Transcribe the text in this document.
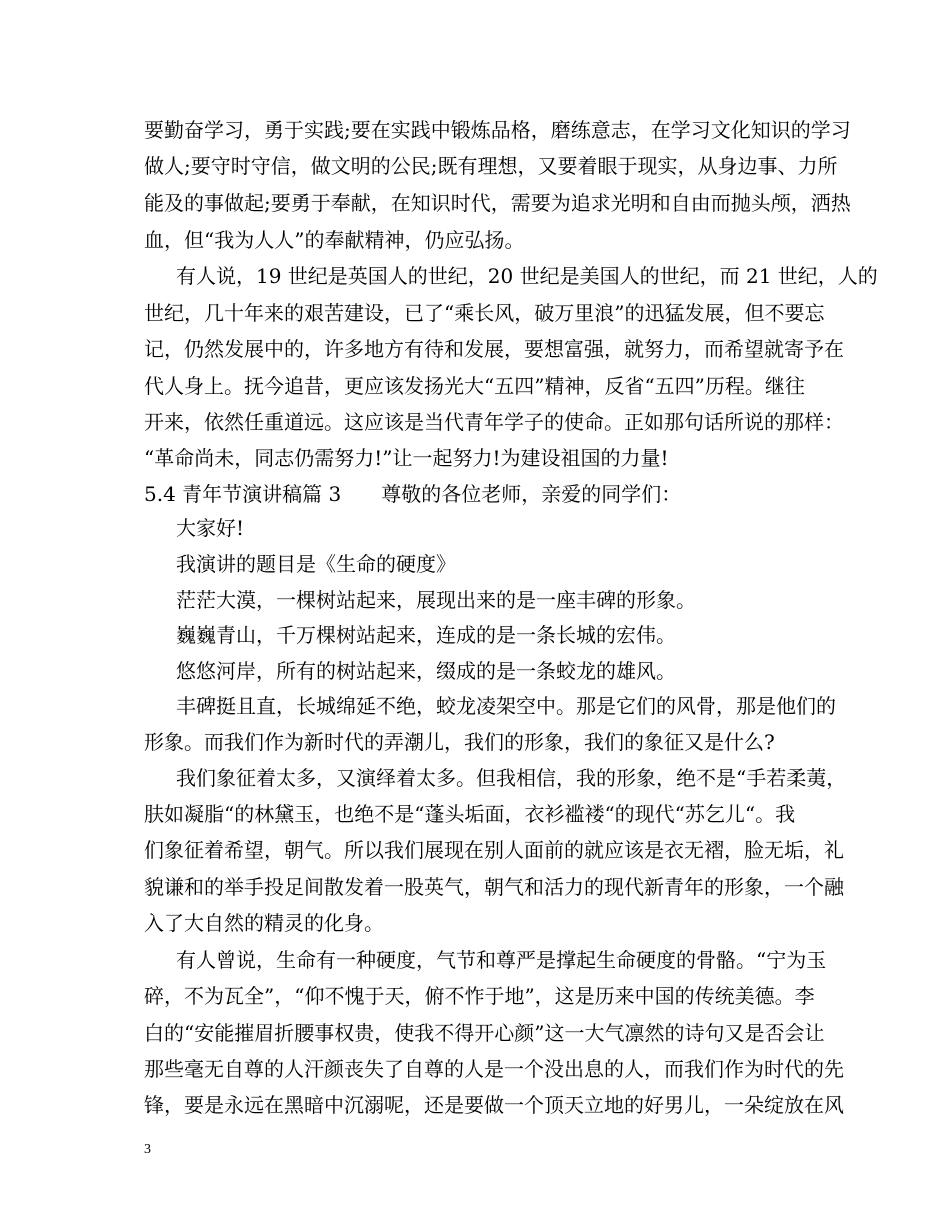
要勤奋学习，勇于实践;要在实践中锻炼品格，磨练意志，在学习文化知识的学习
做人;要守时守信，做文明的公民;既有理想，又要着眼于现实，从身边事、力所
能及的事做起;要勇于奉献，在知识时代，需要为追求光明和自由而抛头颅，洒热
血，但“我为人人”的奉献精神，仍应弘扬。
有人说，19 世纪是英国人的世纪，20 世纪是美国人的世纪，而 21 世纪，人的
世纪，几十年来的艰苦建设，已了“乘长风，破万里浪”的迅猛发展，但不要忘
记，仍然发展中的，许多地方有待和发展，要想富强，就努力，而希望就寄予在
代人身上。抚今追昔，更应该发扬光大“五四”精神，反省“五四”历程。继往
开来，依然任重道远。这应该是当代青年学子的使命。正如那句话所说的那样：
“革命尚未，同志仍需努力!”让一起努力!为建设祖国的力量!
5.4 青年节演讲稿篇 3　　尊敬的各位老师，亲爱的同学们：
大家好!
我演讲的题目是《生命的硬度》
茫茫大漠，一棵树站起来，展现出来的是一座丰碑的形象。
巍巍青山，千万棵树站起来，连成的是一条长城的宏伟。
悠悠河岸，所有的树站起来，缀成的是一条蛟龙的雄风。
丰碑挺且直，长城绵延不绝，蛟龙凌架空中。那是它们的风骨，那是他们的
形象。而我们作为新时代的弄潮儿，我们的形象，我们的象征又是什么?
我们象征着太多，又演绎着太多。但我相信，我的形象，绝不是“手若柔荑，
肤如凝脂“的林黛玉，也绝不是“蓬头垢面，衣衫褴褛“的现代“苏乞儿“。我
们象征着希望，朝气。所以我们展现在别人面前的就应该是衣无褶，脸无垢，礼
貌谦和的举手投足间散发着一股英气，朝气和活力的现代新青年的形象，一个融
入了大自然的精灵的化身。
有人曾说，生命有一种硬度，气节和尊严是撑起生命硬度的骨骼。“宁为玉
碎，不为瓦全”，“仰不愧于天，俯不怍于地”，这是历来中国的传统美德。李
白的“安能摧眉折腰事权贵，使我不得开心颜”这一大气凛然的诗句又是否会让
那些毫无自尊的人汗颜丧失了自尊的人是一个没出息的人，而我们作为时代的先
锋，要是永远在黑暗中沉溺呢，还是要做一个顶天立地的好男儿，一朵绽放在风
3
